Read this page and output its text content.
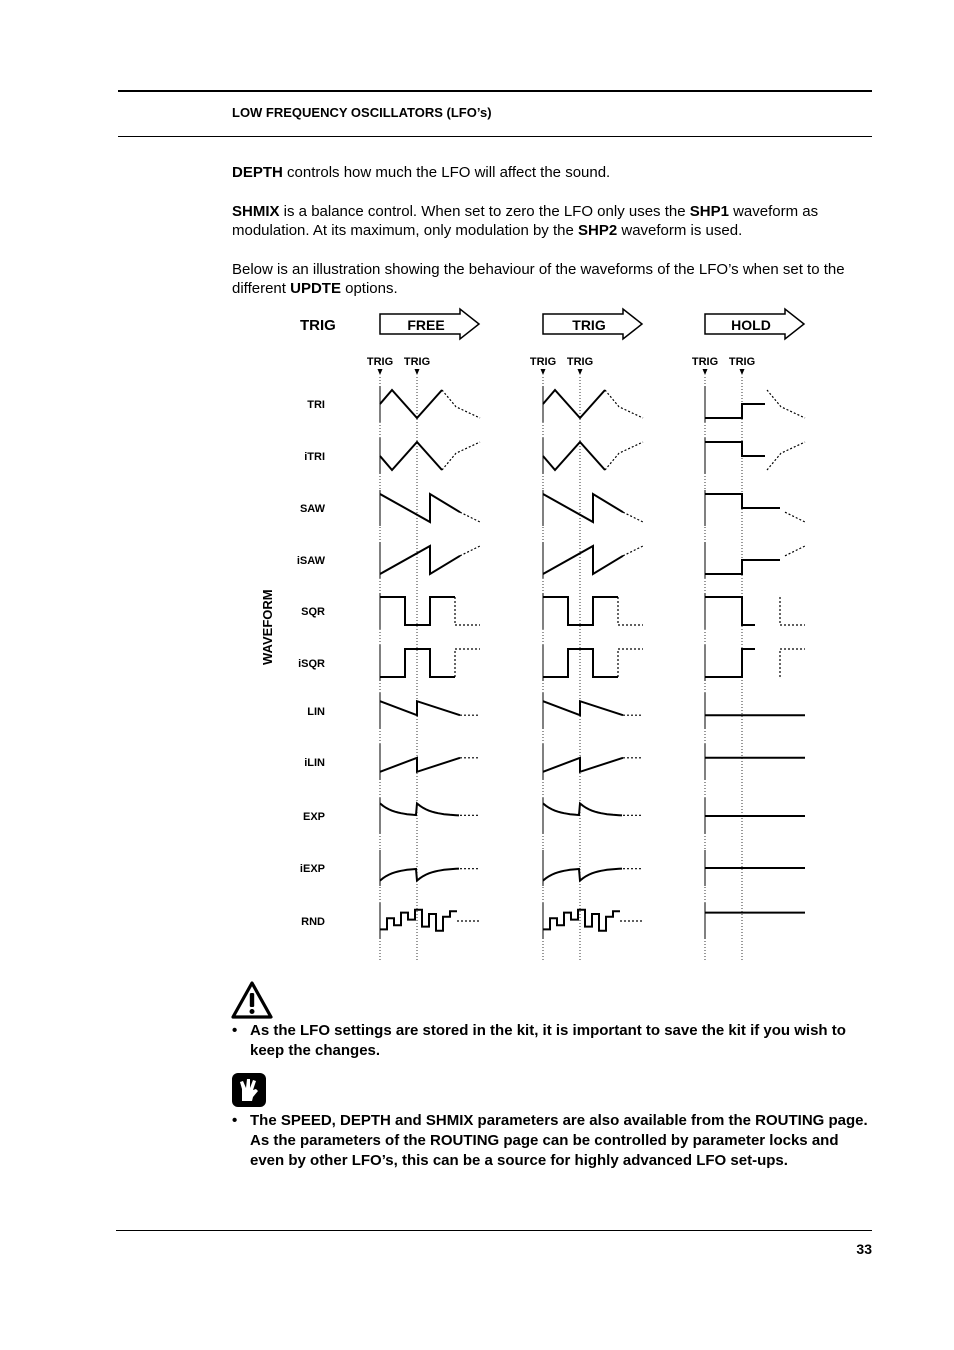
LOW FREQUENCY OSCILLATORS (LFO’s)

DEPTH controls how much the LFO will affect the sound.

SHMIX is a balance control. When set to zero the LFO only uses the SHP1 waveform as modulation. At its maximum, only modulation by the SHP2 waveform is used.

Below is an illustration showing the behaviour of the waveforms of the LFO’s when set to the different UPDTE options.

TRIG
WAVEFORM
FREE
TRIG TRIG
TRIG
TRIG TRIG
HOLD
TRIG TRIG
TRI
iTRI
SAW
iSAW
SQR
iSQR
LIN
iLIN
EXP
iEXP
RND
• As the LFO settings are stored in the kit, it is important to save the kit if you wish to keep the changes.
• The SPEED, DEPTH and SHMIX parameters are also available from the ROUTING page. As the parameters of the ROUTING page can be controlled by parameter locks and even by other LFO’s, this can be a source for highly advanced LFO set-ups.
33
